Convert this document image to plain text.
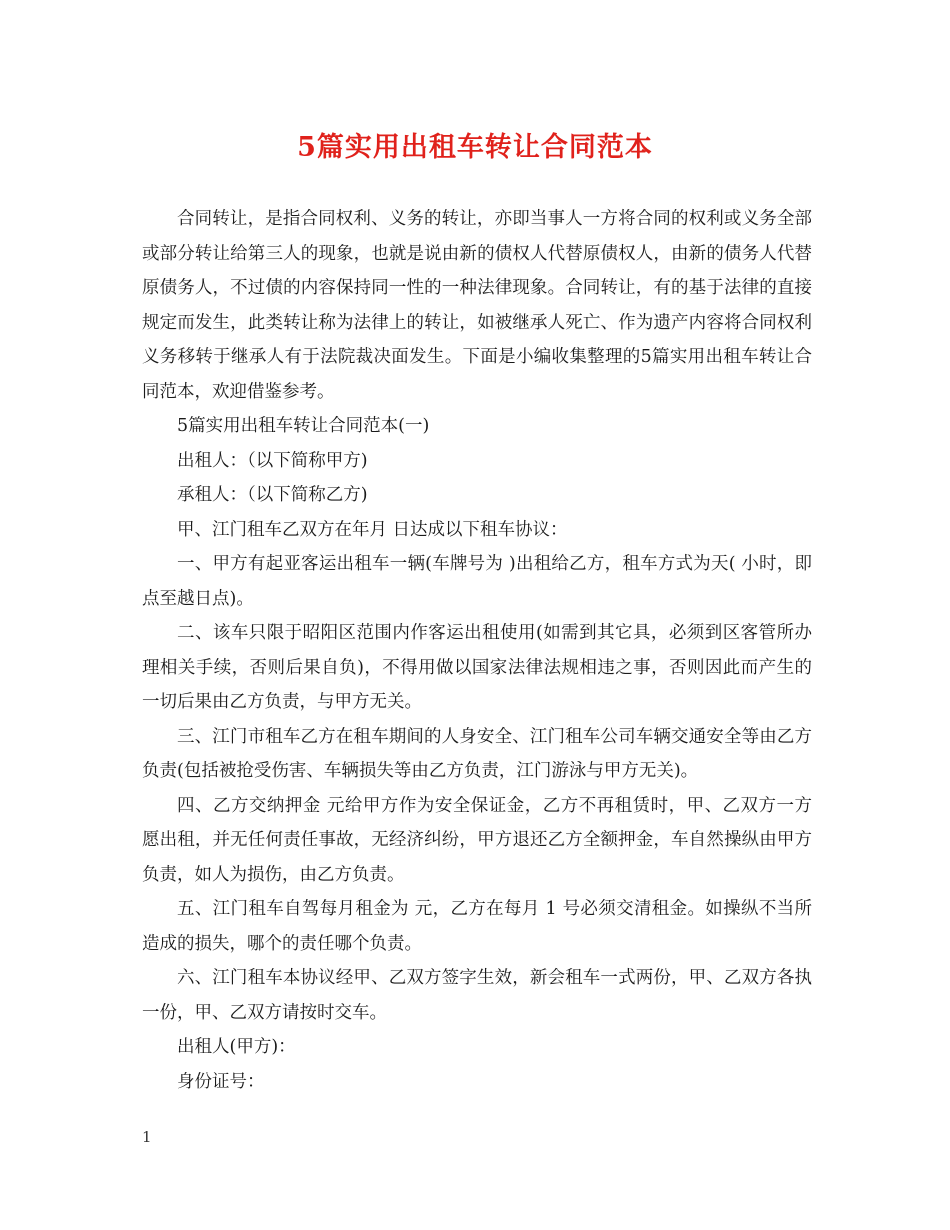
5篇实用出租车转让合同范本

合同转让，是指合同权利、义务的转让，亦即当事人一方将合同的权利或义务全部或部分转让给第三人的现象，也就是说由新的债权人代替原债权人，由新的债务人代替原债务人，不过债的内容保持同一性的一种法律现象。合同转让，有的基于法律的直接规定而发生，此类转让称为法律上的转让，如被继承人死亡、作为遗产内容将合同权利义务移转于继承人有于法院裁决面发生。下面是小编收集整理的5篇实用出租车转让合同范本，欢迎借鉴参考。

5篇实用出租车转让合同范本(一)

出租人：（以下简称甲方)

承租人：（以下简称乙方)

甲、江门租车乙双方在年月 日达成以下租车协议：

一、甲方有起亚客运出租车一辆(车牌号为 )出租给乙方，租车方式为天( 小时，即 点至越日点)。

二、该车只限于昭阳区范围内作客运出租使用(如需到其它具，必须到区客管所办理相关手续，否则后果自负)，不得用做以国家法律法规相违之事，否则因此而产生的一切后果由乙方负责，与甲方无关。

三、江门市租车乙方在租车期间的人身安全、江门租车公司车辆交通安全等由乙方负责(包括被抢受伤害、车辆损失等由乙方负责，江门游泳与甲方无关)。

四、乙方交纳押金 元给甲方作为安全保证金，乙方不再租赁时，甲、乙双方一方愿出租，并无任何责任事故，无经济纠纷，甲方退还乙方全额押金，车自然操纵由甲方负责，如人为损伤，由乙方负责。

五、江门租车自驾每月租金为 元，乙方在每月 1 号必须交清租金。如操纵不当所造成的损失，哪个的责任哪个负责。

六、江门租车本协议经甲、乙双方签字生效，新会租车一式两份，甲、乙双方各执一份，甲、乙双方请按时交车。

出租人(甲方)：

身份证号：

1
